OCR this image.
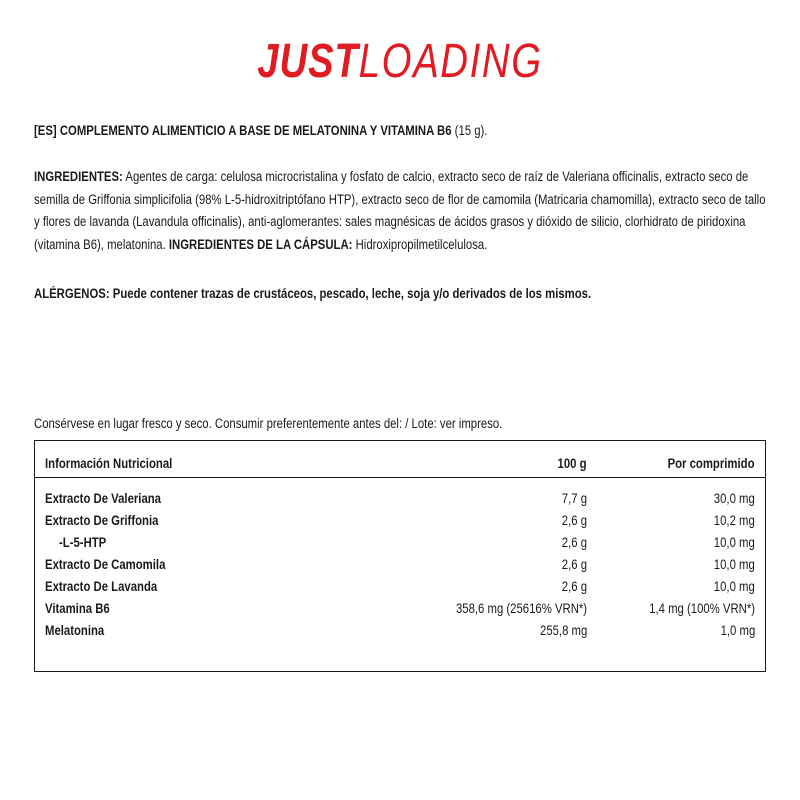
JUSTLOADING
[ES] COMPLEMENTO ALIMENTICIO A BASE DE MELATONINA Y VITAMINA B6 (15 g).
INGREDIENTES: Agentes de carga: celulosa microcristalina y fosfato de calcio, extracto seco de raíz de Valeriana officinalis, extracto seco de semilla de Griffonia simplicifolia (98% L-5-hidroxitriptófano HTP), extracto seco de flor de camomila (Matricaria chamomilla), extracto seco de tallo y flores de lavanda (Lavandula officinalis), anti-aglomerantes: sales magnésicas de ácidos grasos y dióxido de silicio, clorhidrato de piridoxina (vitamina B6), melatonina. INGREDIENTES DE LA CÁPSULA: Hidroxipropilmetilcelulosa.
ALÉRGENOS: Puede contener trazas de crustáceos, pescado, leche, soja y/o derivados de los mismos.
Consérvese en lugar fresco y seco. Consumir preferentemente antes del: / Lote: ver impreso.
Información Nutricional	100 g	Por comprimido
Extracto De Valeriana	7,7 g	30,0 mg
Extracto De Griffonia	2,6 g	10,2 mg
-L-5-HTP	2,6 g	10,0 mg
Extracto De Camomila	2,6 g	10,0 mg
Extracto De Lavanda	2,6 g	10,0 mg
Vitamina B6	358,6 mg (25616% VRN*)	1,4 mg (100% VRN*)
Melatonina	255,8 mg	1,0 mg
